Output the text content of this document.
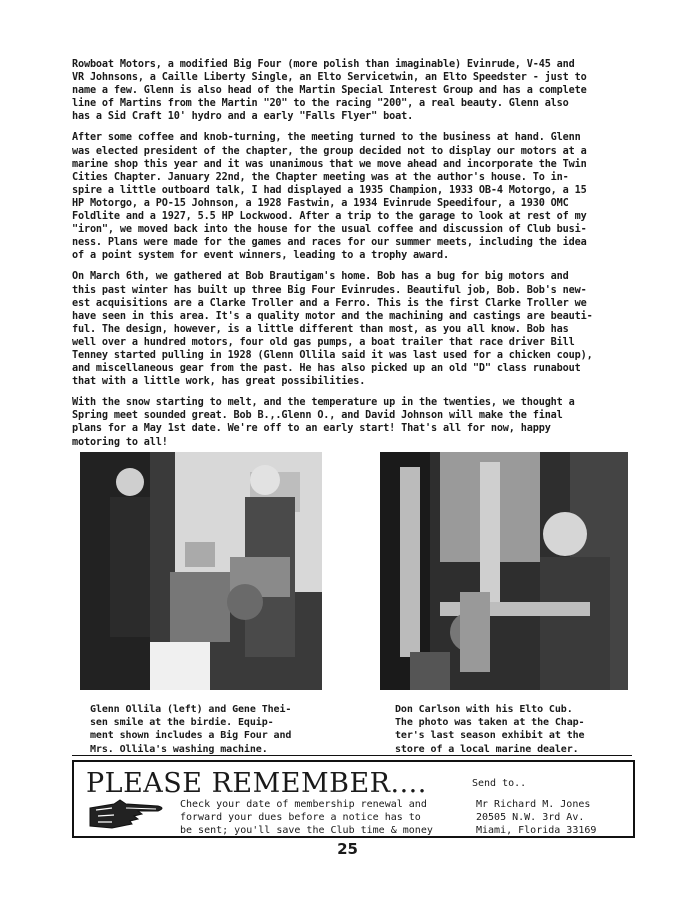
Rowboat Motors, a modified Big Four (more polish than imaginable) Evinrude, V-45 and
VR Johnsons, a Caille Liberty Single, an Elto Servicetwin, an Elto Speedster - just to
name a few. Glenn is also head of the Martin Special Interest Group and has a complete
line of Martins from the Martin "20" to the racing "200", a real beauty. Glenn also
has a Sid Craft 10' hydro and a early "Falls Flyer" boat.

After some coffee and knob-turning, the meeting turned to the business at hand. Glenn
was elected president of the chapter, the group decided not to display our motors at a
marine shop this year and it was unanimous that we move ahead and incorporate the Twin
Cities Chapter. January 22nd, the Chapter meeting was at the author's house. To in-
spire a little outboard talk, I had displayed a 1935 Champion, 1933 OB-4 Motorgo, a 15
HP Motorgo, a PO-15 Johnson, a 1928 Fastwin, a 1934 Evinrude Speedifour, a 1930 OMC
Foldlite and a 1927, 5.5 HP Lockwood. After a trip to the garage to look at rest of my
"iron", we moved back into the house for the usual coffee and discussion of Club busi-
ness. Plans were made for the games and races for our summer meets, including the idea
of a point system for event winners, leading to a trophy award.

On March 6th, we gathered at Bob Brautigam's home. Bob has a bug for big motors and
this past winter has built up three Big Four Evinrudes. Beautiful job, Bob. Bob's new-
est acquisitions are a Clarke Troller and a Ferro. This is the first Clarke Troller we
have seen in this area. It's a quality motor and the machining and castings are beauti-
ful. The design, however, is a little different than most, as you all know. Bob has
well over a hundred motors, four old gas pumps, a boat trailer that race driver Bill
Tenney started pulling in 1928 (Glenn Ollila said it was last used for a chicken coup),
and miscellaneous gear from the past. He has also picked up an old "D" class runabout
that with a little work, has great possibilities.

With the snow starting to melt, and the temperature up in the twenties, we thought a
Spring meet sounded great. Bob B.,.Glenn O., and David Johnson will make the final
plans for a May 1st date. We're off to an early start! That's all for now, happy
motoring to all!

Glenn Ollila (left) and Gene Thei-
sen smile at the birdie. Equip-
ment shown includes a Big Four and
Mrs. Ollila's washing machine.
Don Carlson with his Elto Cub.
The photo was taken at the Chap-
ter's last season exhibit at the
store of a local marine dealer.
PLEASE REMEMBER....
Check your date of membership renewal and
forward your dues before a notice has to
be sent; you'll save the Club time & money
Send to..
Mr Richard M. Jones
20505 N.W. 3rd Av.
Miami, Florida 33169
25
